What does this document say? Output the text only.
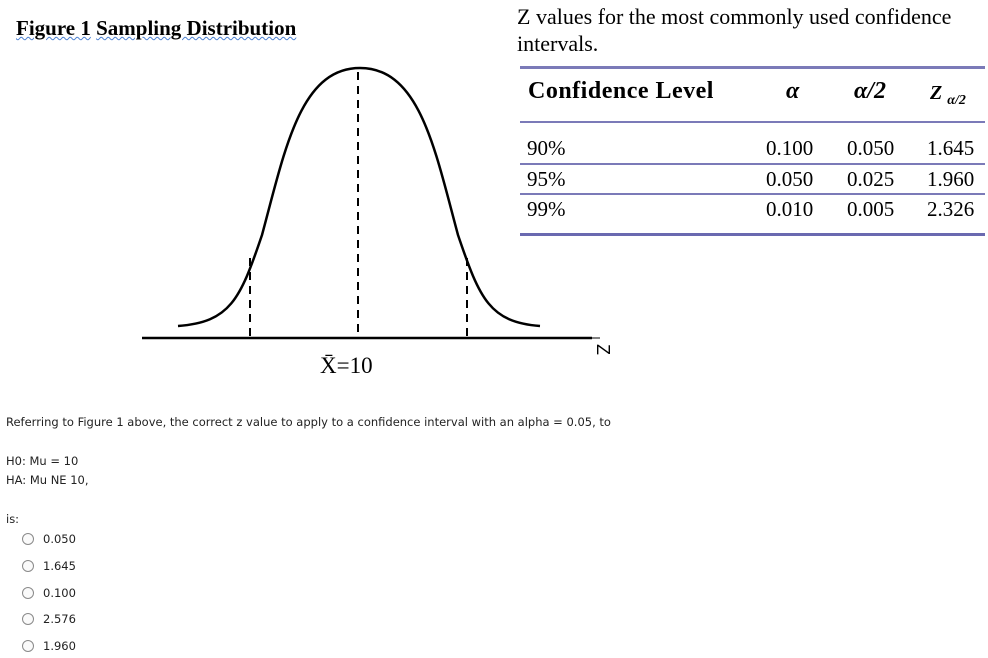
Figure 1 Sampling Distribution
X̄=10
Z
Z values for the most commonly used confidence intervals.
Confidence Level	α α/2 Z $_{\alpha/2}$
90%	0.100 0.050 1.645
95%	0.050 0.025 1.960
99%	0.010 0.005 2.326
Referring to Figure 1 above, the correct z value to apply to a confidence interval with an alpha = 0.05, to
H0: Mu = 10
HA: Mu NE 10,
is:
0.050
1.645
0.100
2.576
1.960
